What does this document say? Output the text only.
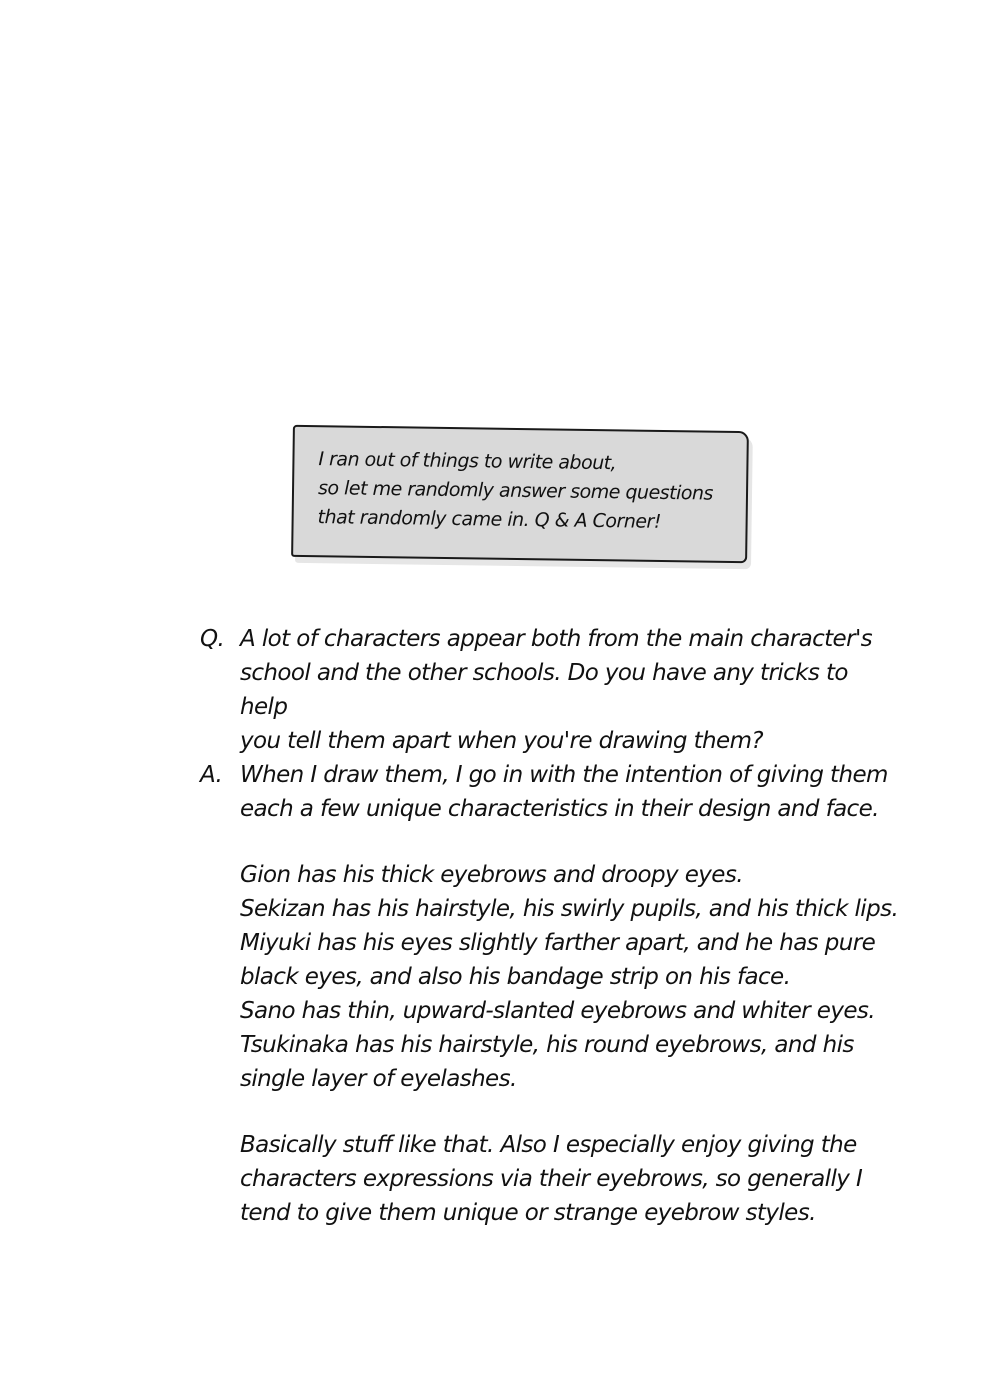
I ran out of things to write about,
so let me randomly answer some questions
that randomly came in. Q & A Corner!
Q. A lot of characters appear both from the main character's
school and the other schools. Do you have any tricks to help
you tell them apart when you're drawing them?
A. When I draw them, I go in with the intention of giving them
each a few unique characteristics in their design and face.
Gion has his thick eyebrows and droopy eyes.
Sekizan has his hairstyle, his swirly pupils, and his thick lips.
Miyuki has his eyes slightly farther apart, and he has pure
black eyes, and also his bandage strip on his face.
Sano has thin, upward-slanted eyebrows and whiter eyes.
Tsukinaka has his hairstyle, his round eyebrows, and his
single layer of eyelashes.
Basically stuff like that. Also I especially enjoy giving the
characters expressions via their eyebrows, so generally I
tend to give them unique or strange eyebrow styles.
